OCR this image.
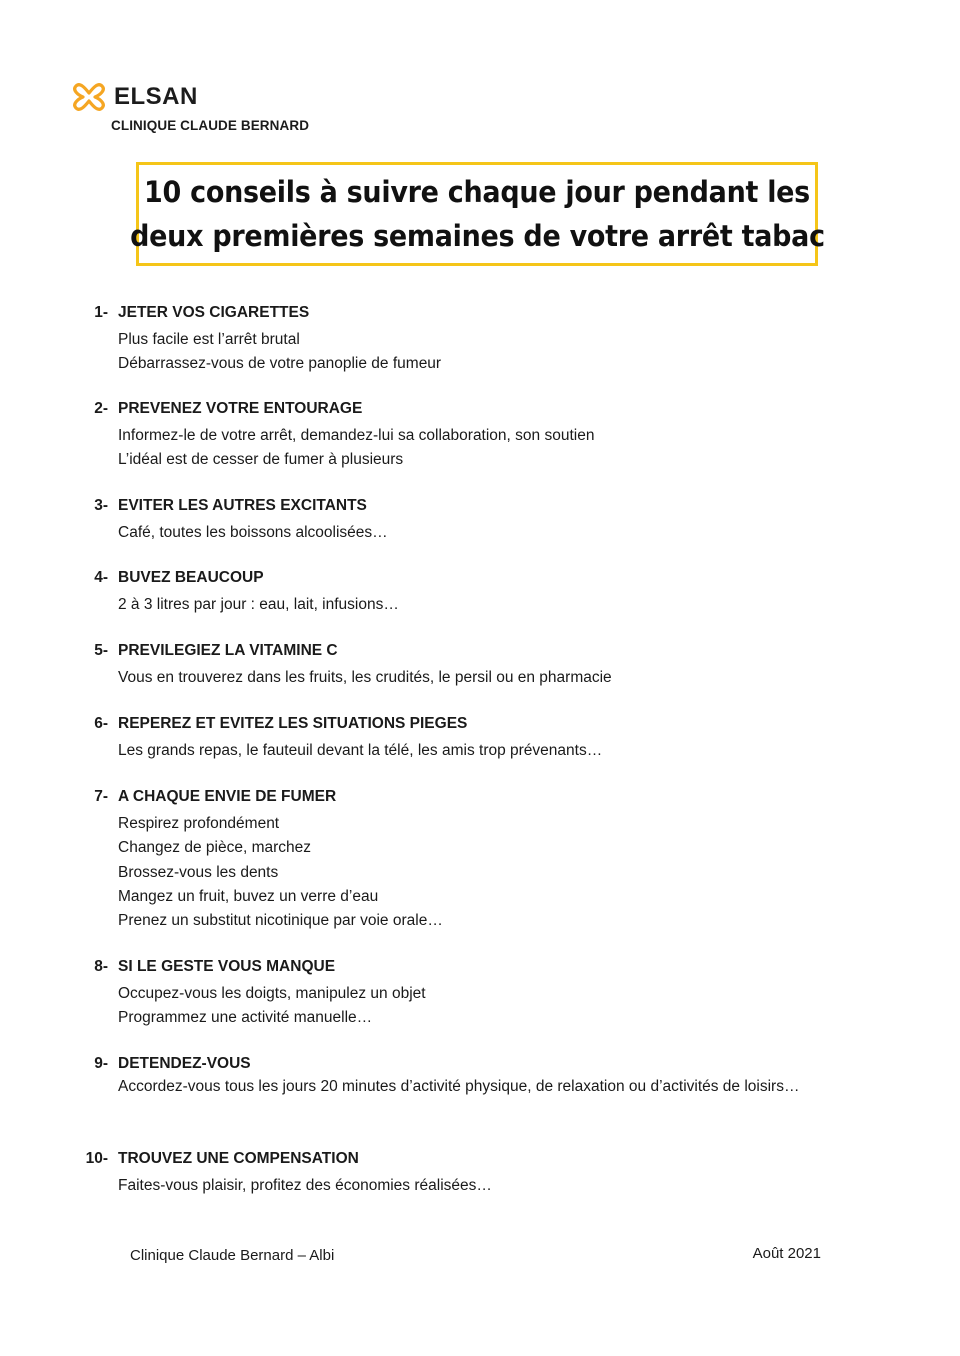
ELSAN
CLINIQUE CLAUDE BERNARD
10 conseils à suivre chaque jour pendant les
deux premières semaines de votre arrêt tabac
1- JETER VOS CIGARETTES
Plus facile est l’arrêt brutal
Débarrassez-vous de votre panoplie de fumeur
2- PREVENEZ VOTRE ENTOURAGE
Informez-le de votre arrêt, demandez-lui sa collaboration, son soutien
L’idéal est de cesser de fumer à plusieurs
3- EVITER LES AUTRES EXCITANTS
Café, toutes les boissons alcoolisées…
4- BUVEZ BEAUCOUP
2 à 3 litres par jour : eau, lait, infusions…
5- PREVILEGIEZ LA VITAMINE C
Vous en trouverez dans les fruits, les crudités, le persil ou en pharmacie
6- REPEREZ ET EVITEZ LES SITUATIONS PIEGES
Les grands repas, le fauteuil devant la télé, les amis trop prévenants…
7- A CHAQUE ENVIE DE FUMER
Respirez profondément
Changez de pièce, marchez
Brossez-vous les dents
Mangez un fruit, buvez un verre d’eau
Prenez un substitut nicotinique par voie orale…
8- SI LE GESTE VOUS MANQUE
Occupez-vous les doigts, manipulez un objet
Programmez une activité manuelle…
9- DETENDEZ-VOUS
Accordez-vous tous les jours 20 minutes d’activité physique, de relaxation ou d’activités de loisirs…
10- TROUVEZ UNE COMPENSATION
Faites-vous plaisir, profitez des économies réalisées…
Clinique Claude Bernard – Albi	Août 2021
